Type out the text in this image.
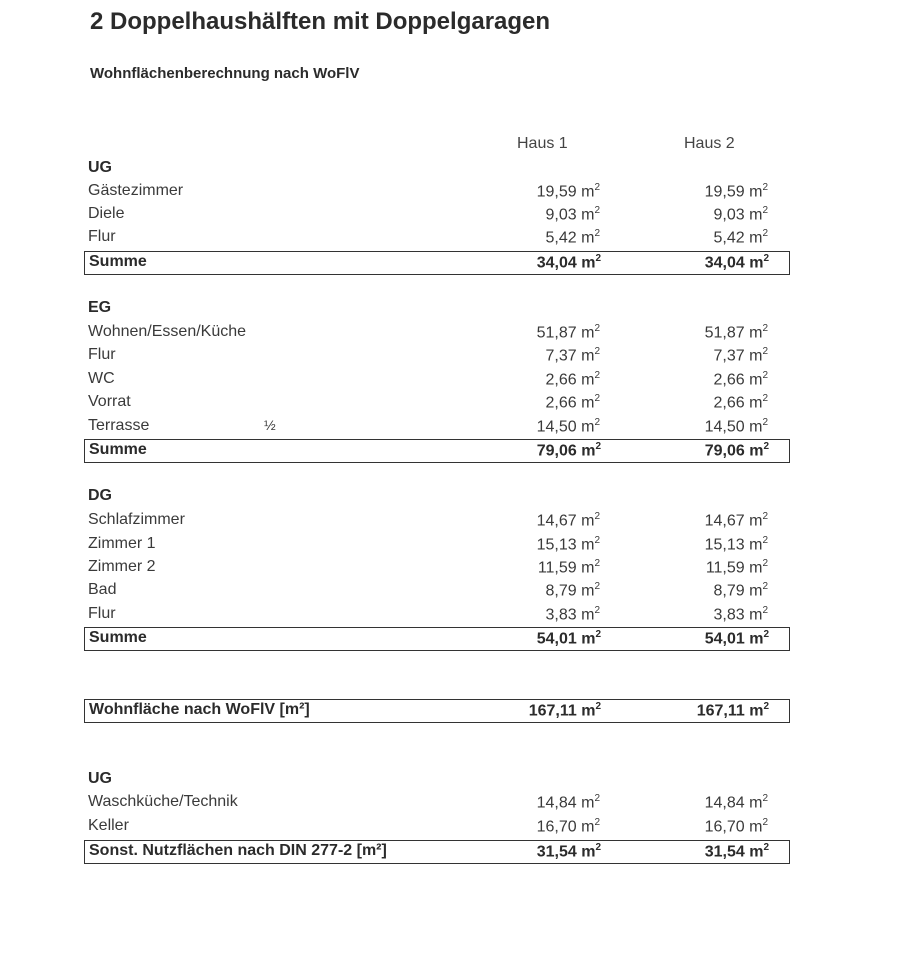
2 Doppelhaushälften mit Doppelgaragen
Wohnflächenberechnung nach WoFlV
Haus 1	Haus 2
UG
Gästezimmer	19,59 $m^2$	19,59 $m^2$
Diele	9,03 $m^2$	9,03 $m^2$
Flur	5,42 $m^2$	5,42 $m^2$
Summe	34,04 $m^2$	34,04 $m^2$
EG
Wohnen/Essen/Küche	51,87 $m^2$	51,87 $m^2$
Flur	7,37 $m^2$	7,37 $m^2$
WC	2,66 $m^2$	2,66 $m^2$
Vorrat	2,66 $m^2$	2,66 $m^2$
Terrasse	½	14,50 $m^2$	14,50 $m^2$
Summe	79,06 $m^2$	79,06 $m^2$
DG
Schlafzimmer	14,67 $m^2$	14,67 $m^2$
Zimmer 1	15,13 $m^2$	15,13 $m^2$
Zimmer 2	11,59 $m^2$	11,59 $m^2$
Bad	8,79 $m^2$	8,79 $m^2$
Flur	3,83 $m^2$	3,83 $m^2$
Summe	54,01 $m^2$	54,01 $m^2$
Wohnfläche nach WoFlV [m²]	167,11 $m^2$	167,11 $m^2$
UG
Waschküche/Technik	14,84 $m^2$	14,84 $m^2$
Keller	16,70 $m^2$	16,70 $m^2$
Sonst. Nutzflächen nach DIN 277-2 [m²]	31,54 $m^2$	31,54 $m^2$
